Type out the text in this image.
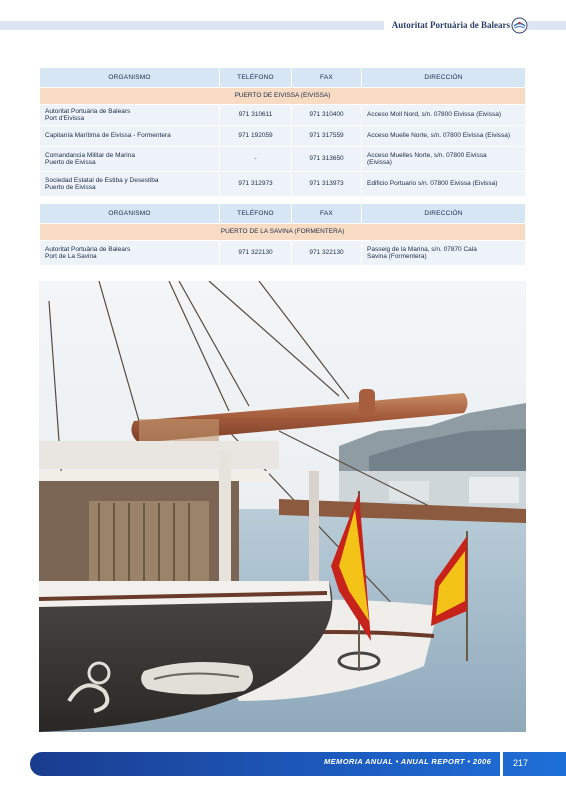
Autoritat Portuària de Balears
ORGANISMO	TELÉFONO	FAX	DIRECCIÓN
PUERTO DE EIVISSA (EIVISSA)			

Autoritat Portuària de Balears
Port d'Eivissa	971 310611	971 310400	Acceso Moll Nord, s/n. 07800 Eivissa (Eivissa)

Capitanía Marítima de Eivissa - Formentera	971 192059	971 317559	Acceso Muelle Norte, s/n. 07800 Eivissa (Eivissa)

Comandancia Militar de Marina
Puerto de Eivissa	-	971 313650	Acceso Muelles Norte, s/n. 07800 Eivissa
(Eivissa)

Sociedad Estatal de Estiba y Desestiba
Puerto de Eivissa	971 312973	971 313973	Edificio Portuario s/n. 07800 Eivissa (Eivissa)
ORGANISMO	TELÉFONO	FAX	DIRECCIÓN
PUERTO DE LA SAVINA (FORMENTERA)			

Autoritat Portuària de Balears
Port de La Savina	971 322130	971 322130	Passeig de la Marina, s/n. 07870 Cala
Savina (Formentera)
MEMORIA ANUAL • ANUAL REPORT • 2006 217
